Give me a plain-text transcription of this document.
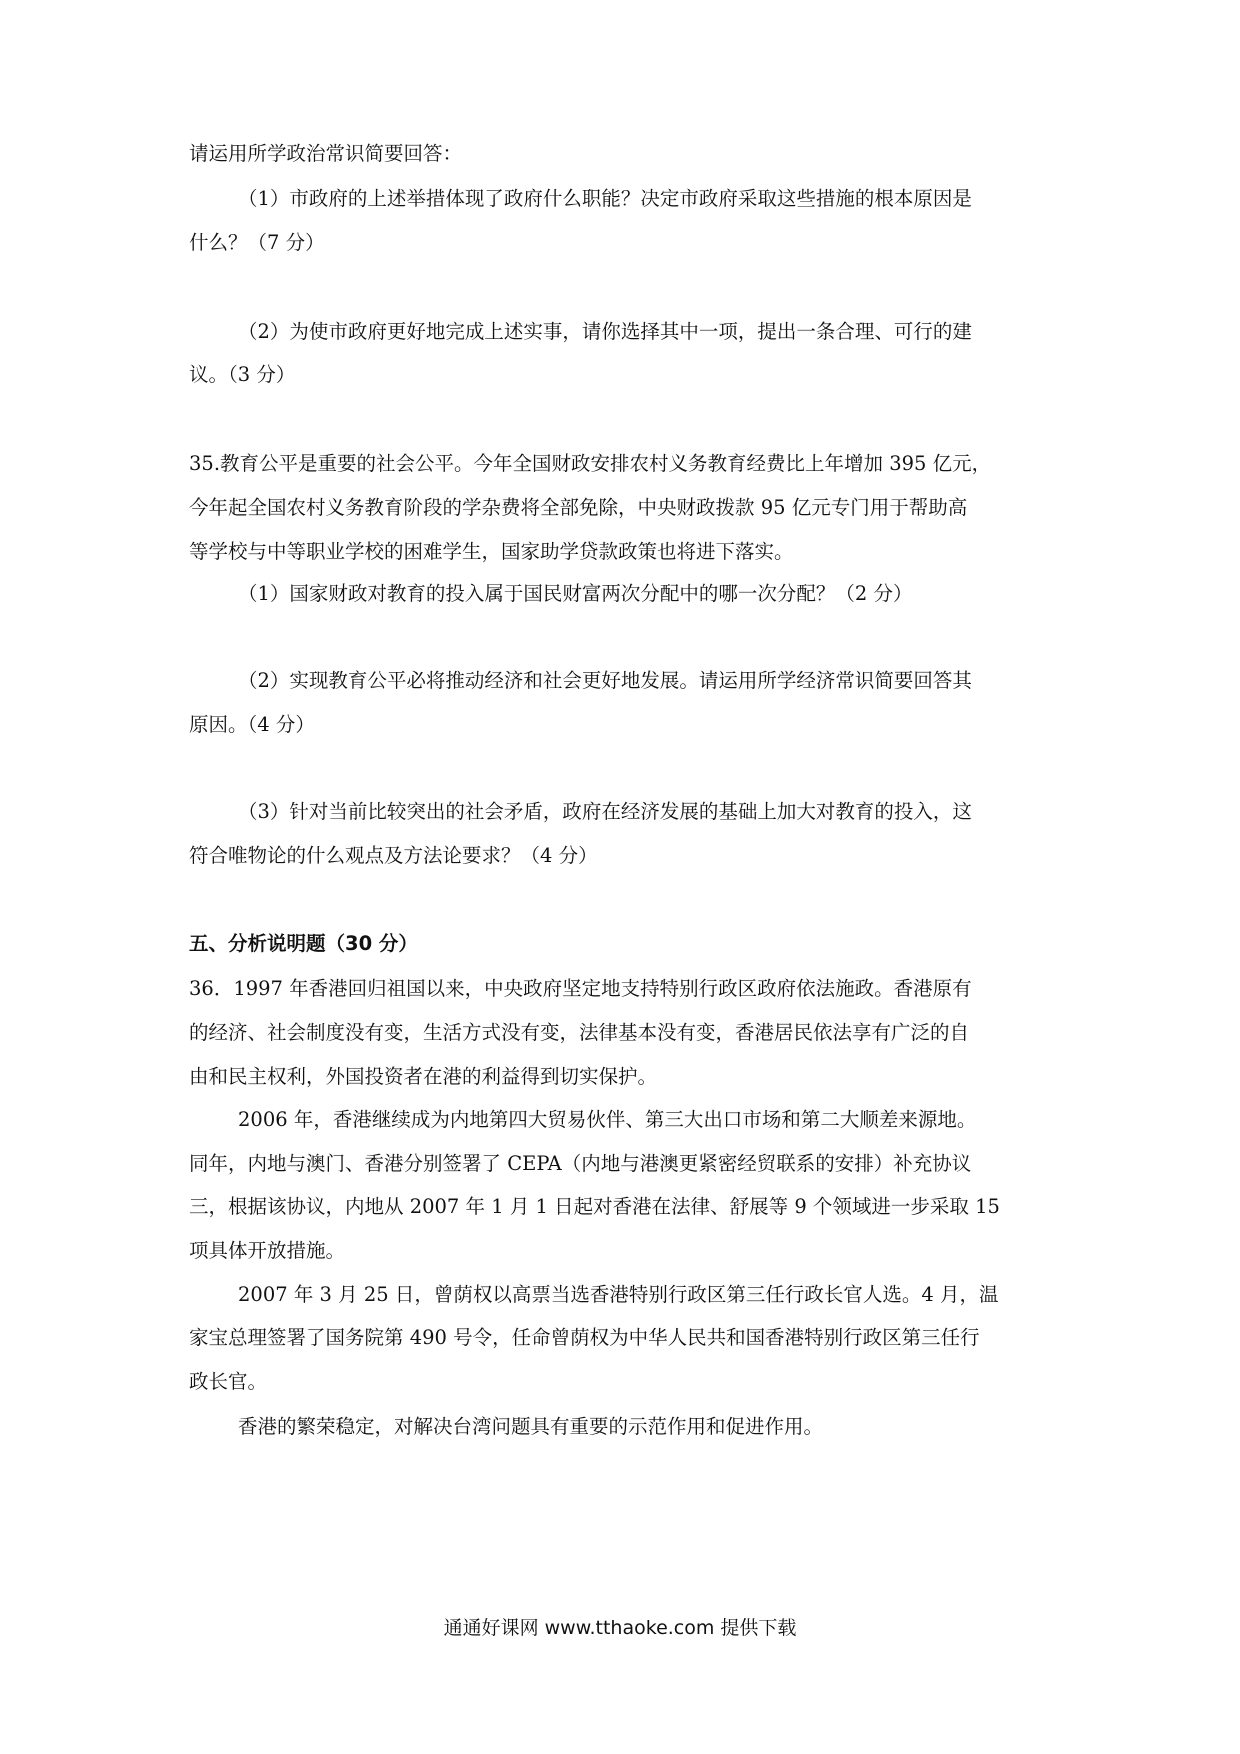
请运用所学政治常识简要回答：
（1）市政府的上述举措体现了政府什么职能？决定市政府采取这些措施的根本原因是
什么？（7 分）
（2）为使市政府更好地完成上述实事，请你选择其中一项，提出一条合理、可行的建
议。（3 分）
35.教育公平是重要的社会公平。今年全国财政安排农村义务教育经费比上年增加 395 亿元，
今年起全国农村义务教育阶段的学杂费将全部免除，中央财政拨款 95 亿元专门用于帮助高
等学校与中等职业学校的困难学生，国家助学贷款政策也将进下落实。
（1）国家财政对教育的投入属于国民财富两次分配中的哪一次分配？（2 分）
（2）实现教育公平必将推动经济和社会更好地发展。请运用所学经济常识简要回答其
原因。（4 分）
（3）针对当前比较突出的社会矛盾，政府在经济发展的基础上加大对教育的投入，这
符合唯物论的什么观点及方法论要求？（4 分）
五、分析说明题（30 分）
36．1997 年香港回归祖国以来，中央政府坚定地支持特别行政区政府依法施政。香港原有
的经济、社会制度没有变，生活方式没有变，法律基本没有变，香港居民依法享有广泛的自
由和民主权利，外国投资者在港的利益得到切实保护。
2006 年，香港继续成为内地第四大贸易伙伴、第三大出口市场和第二大顺差来源地。
同年，内地与澳门、香港分别签署了 CEPA（内地与港澳更紧密经贸联系的安排）补充协议
三，根据该协议，内地从 2007 年 1 月 1 日起对香港在法律、舒展等 9 个领域进一步采取 15
项具体开放措施。
2007 年 3 月 25 日，曾荫权以高票当选香港特别行政区第三任行政长官人选。4 月，温
家宝总理签署了国务院第 490 号令，任命曾荫权为中华人民共和国香港特别行政区第三任行
政长官。
香港的繁荣稳定，对解决台湾问题具有重要的示范作用和促进作用。
通通好课网 www.tthaoke.com 提供下载
